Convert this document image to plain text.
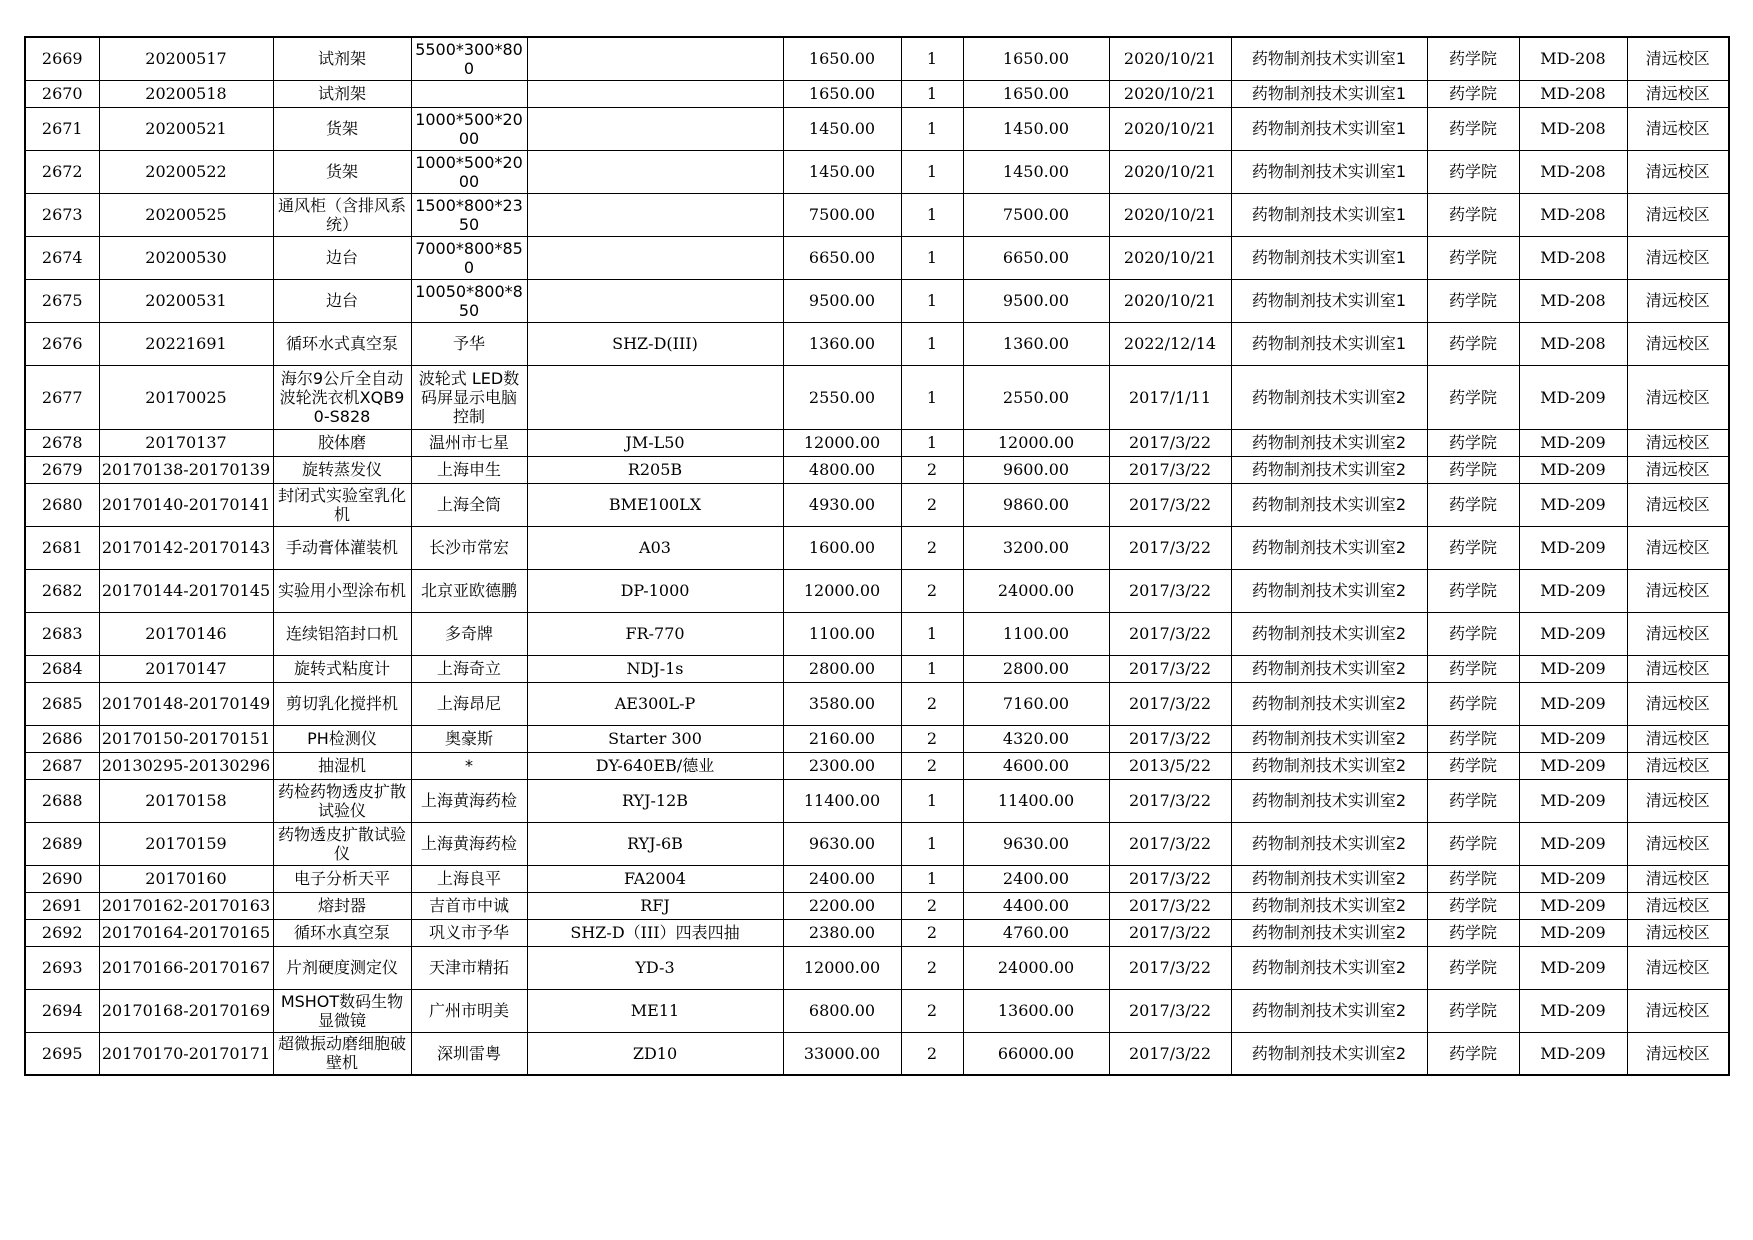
2669	20200517	试剂架	5500*300*800		1650.00	1	1650.00	2020/10/21	药物制剂技术实训室1	药学院	MD-208	清远校区
2670	20200518	试剂架			1650.00	1	1650.00	2020/10/21	药物制剂技术实训室1	药学院	MD-208	清远校区
2671	20200521	货架	1000*500*2000		1450.00	1	1450.00	2020/10/21	药物制剂技术实训室1	药学院	MD-208	清远校区
2672	20200522	货架	1000*500*2000		1450.00	1	1450.00	2020/10/21	药物制剂技术实训室1	药学院	MD-208	清远校区
2673	20200525	通风柜（含排风系统）	1500*800*2350		7500.00	1	7500.00	2020/10/21	药物制剂技术实训室1	药学院	MD-208	清远校区
2674	20200530	边台	7000*800*850		6650.00	1	6650.00	2020/10/21	药物制剂技术实训室1	药学院	MD-208	清远校区
2675	20200531	边台	10050*800*850		9500.00	1	9500.00	2020/10/21	药物制剂技术实训室1	药学院	MD-208	清远校区
2676	20221691	循环水式真空泵	予华	SHZ-D(III)	1360.00	1	1360.00	2022/12/14	药物制剂技术实训室1	药学院	MD-208	清远校区
2677	20170025	海尔9公斤全自动波轮洗衣机XQB90-S828	波轮式 LED数码屏显示电脑控制		2550.00	1	2550.00	2017/1/11	药物制剂技术实训室2	药学院	MD-209	清远校区
2678	20170137	胶体磨	温州市七星	JM-L50	12000.00	1	12000.00	2017/3/22	药物制剂技术实训室2	药学院	MD-209	清远校区
2679	20170138-20170139	旋转蒸发仪	上海申生	R205B	4800.00	2	9600.00	2017/3/22	药物制剂技术实训室2	药学院	MD-209	清远校区
2680	20170140-20170141	封闭式实验室乳化机	上海全筒	BME100LX	4930.00	2	9860.00	2017/3/22	药物制剂技术实训室2	药学院	MD-209	清远校区
2681	20170142-20170143	手动膏体灌装机	长沙市常宏	A03	1600.00	2	3200.00	2017/3/22	药物制剂技术实训室2	药学院	MD-209	清远校区
2682	20170144-20170145	实验用小型涂布机	北京亚欧德鹏	DP-1000	12000.00	2	24000.00	2017/3/22	药物制剂技术实训室2	药学院	MD-209	清远校区
2683	20170146	连续铝箔封口机	多奇牌	FR-770	1100.00	1	1100.00	2017/3/22	药物制剂技术实训室2	药学院	MD-209	清远校区
2684	20170147	旋转式粘度计	上海奇立	NDJ-1s	2800.00	1	2800.00	2017/3/22	药物制剂技术实训室2	药学院	MD-209	清远校区
2685	20170148-20170149	剪切乳化搅拌机	上海昂尼	AE300L-P	3580.00	2	7160.00	2017/3/22	药物制剂技术实训室2	药学院	MD-209	清远校区
2686	20170150-20170151	PH检测仪	奥豪斯	Starter 300	2160.00	2	4320.00	2017/3/22	药物制剂技术实训室2	药学院	MD-209	清远校区
2687	20130295-20130296	抽湿机	*	DY-640EB/德业	2300.00	2	4600.00	2013/5/22	药物制剂技术实训室2	药学院	MD-209	清远校区
2688	20170158	药检药物透皮扩散试验仪	上海黄海药检	RYJ-12B	11400.00	1	11400.00	2017/3/22	药物制剂技术实训室2	药学院	MD-209	清远校区
2689	20170159	药物透皮扩散试验仪	上海黄海药检	RYJ-6B	9630.00	1	9630.00	2017/3/22	药物制剂技术实训室2	药学院	MD-209	清远校区
2690	20170160	电子分析天平	上海良平	FA2004	2400.00	1	2400.00	2017/3/22	药物制剂技术实训室2	药学院	MD-209	清远校区
2691	20170162-20170163	熔封器	吉首市中诚	RFJ	2200.00	2	4400.00	2017/3/22	药物制剂技术实训室2	药学院	MD-209	清远校区
2692	20170164-20170165	循环水真空泵	巩义市予华	SHZ-D（III）四表四抽	2380.00	2	4760.00	2017/3/22	药物制剂技术实训室2	药学院	MD-209	清远校区
2693	20170166-20170167	片剂硬度测定仪	天津市精拓	YD-3	12000.00	2	24000.00	2017/3/22	药物制剂技术实训室2	药学院	MD-209	清远校区
2694	20170168-20170169	MSHOT数码生物显微镜	广州市明美	ME11	6800.00	2	13600.00	2017/3/22	药物制剂技术实训室2	药学院	MD-209	清远校区
2695	20170170-20170171	超微振动磨细胞破壁机	深圳雷粤	ZD10	33000.00	2	66000.00	2017/3/22	药物制剂技术实训室2	药学院	MD-209	清远校区
